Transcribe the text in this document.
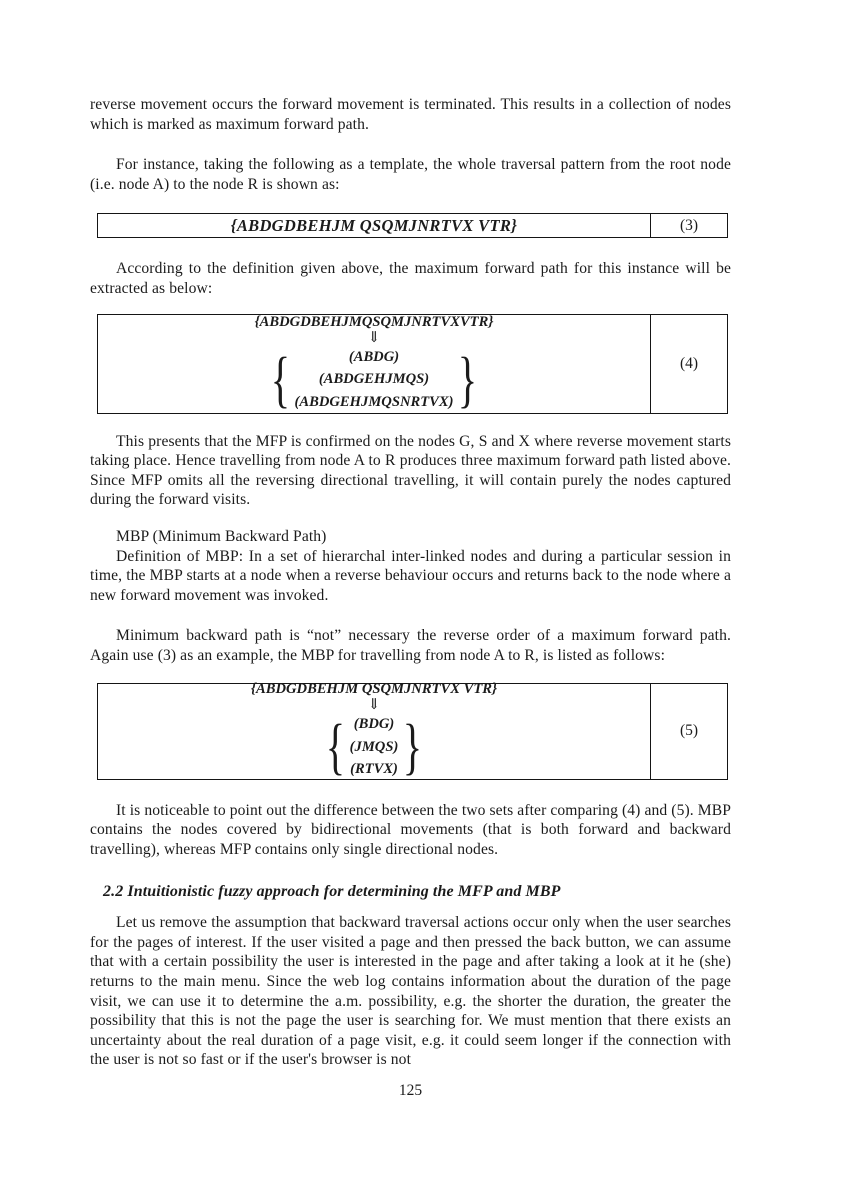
reverse movement occurs the forward movement is terminated. This results in a collection of nodes which is marked as maximum forward path.

For instance, taking the following as a template, the whole traversal pattern from the root node (i.e. node A) to the node R is shown as:

{ABDGDBEHJM QSQMJNRTVX VTR}	(3)

According to the definition given above, the maximum forward path for this instance will be extracted as below:

{ABDGDBEHJMQSQMJNRTVXVTR}
⇓
{	(ABDG)
(ABDGEHJMQS)
(ABDGEHJMQSNRTVX) }	(4)

This presents that the MFP is confirmed on the nodes G, S and X where reverse movement starts taking place. Hence travelling from node A to R produces three maximum forward path listed above. Since MFP omits all the reversing directional travelling, it will contain purely the nodes captured during the forward visits.

MBP (Minimum Backward Path)

Definition of MBP: In a set of hierarchal inter-linked nodes and during a particular session in time, the MBP starts at a node when a reverse behaviour occurs and returns back to the node where a new forward movement was invoked.

Minimum backward path is “not” necessary the reverse order of a maximum forward path. Again use (3) as an example, the MBP for travelling from node A to R, is listed as follows:

{ABDGDBEHJM QSQMJNRTVX VTR}
⇓
{ (BDG)
(JMQS)
(RTVX) }	(5)

It is noticeable to point out the difference between the two sets after comparing (4) and (5). MBP contains the nodes covered by bidirectional movements (that is both forward and backward travelling), whereas MFP contains only single directional nodes.

2.2 Intuitionistic fuzzy approach for determining the MFP and MBP

Let us remove the assumption that backward traversal actions occur only when the user searches for the pages of interest. If the user visited a page and then pressed the back button, we can assume that with a certain possibility the user is interested in the page and after taking a look at it he (she) returns to the main menu. Since the web log contains information about the duration of the page visit, we can use it to determine the a.m. possibility, e.g. the shorter the duration, the greater the possibility that this is not the page the user is searching for. We must mention that there exists an uncertainty about the real duration of a page visit, e.g. it could seem longer if the connection with the user is not so fast or if the user's browser is not

125
